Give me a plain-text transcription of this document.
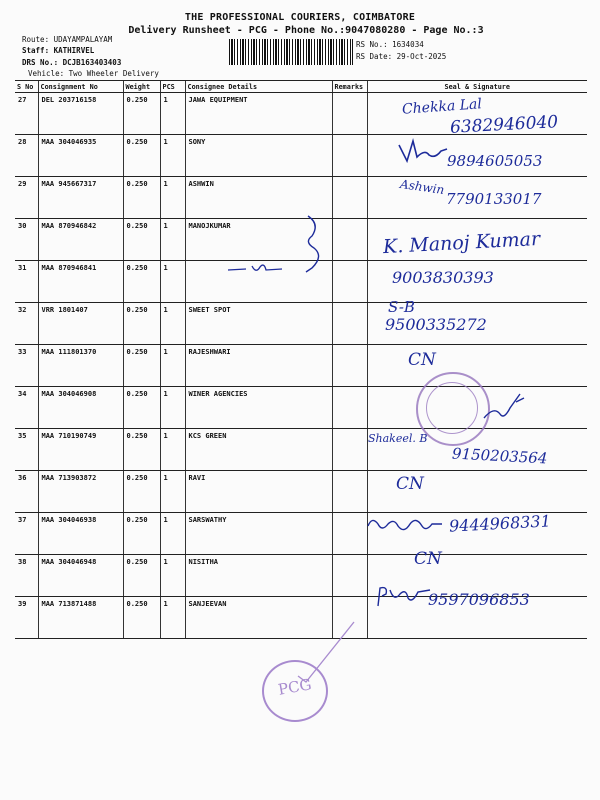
THE PROFESSIONAL COURIERS, COIMBATORE
Delivery Runsheet - PCG - Phone No.:9047080280 - Page No.:3
Route: UDAYAMPALAYAM
Staff: KATHIRVEL
DRS No.: DCJB163403403
Vehicle: Two Wheeler Delivery
RS No.: 1634034
RS Date: 29-Oct-2025
S No	Consignment No	Weight	PCS	Consignee Details	Remarks	Seal & Signature
27	DEL 203716158	0.250	1	JAWA EQUIPMENT		
28	MAA 304046935	0.250	1	SONY		
29	MAA 945667317	0.250	1	ASHWIN		
30	MAA 870946842	0.250	1	MANOJKUMAR		
31	MAA 870946841	0.250	1			
32	VRR 1801407	0.250	1	SWEET SPOT		
33	MAA 111801370	0.250	1	RAJESHWARI		
34	MAA 304046908	0.250	1	WINER AGENCIES		
35	MAA 710190749	0.250	1	KCS GREEN		
36	MAA 713903872	0.250	1	RAVI		
37	MAA 304046938	0.250	1	SARSWATHY		
38	MAA 304046948	0.250	1	NISITHA		
39	MAA 713871488	0.250	1	SANJEEVAN		
Chekka Lal
6382946040
9894605053
Ashwin
7790133017
K. Manoj Kumar
9003830393
S-B
9500335272
CN
Shakeel. B
9150203564
CN
9444968331
CN
9597096853
PCG
